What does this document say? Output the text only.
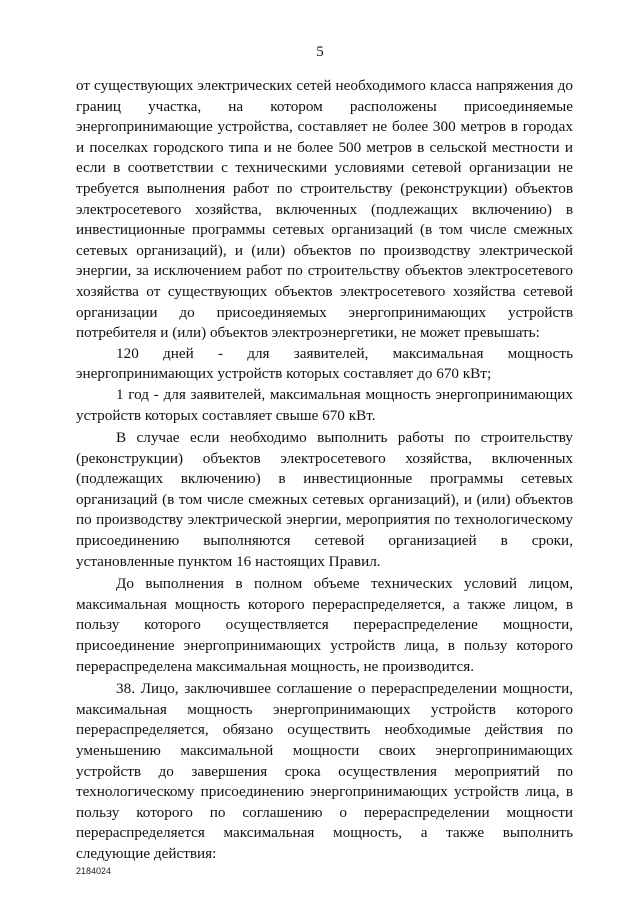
5

от существующих электрических сетей необходимого класса напряжения до границ участка, на котором расположены присоединяемые энергопринимающие устройства, составляет не более 300 метров в городах и поселках городского типа и не более 500 метров в сельской местности и если в соответствии с техническими условиями сетевой организации не требуется выполнения работ по строительству (реконструкции) объектов электросетевого хозяйства, включенных (подлежащих включению) в инвестиционные программы сетевых организаций (в том числе смежных сетевых организаций), и (или) объектов по производству электрической энергии, за исключением работ по строительству объектов электросетевого хозяйства от существующих объектов электросетевого хозяйства сетевой организации до присоединяемых энергопринимающих устройств потребителя и (или) объектов электроэнергетики, не может превышать:

120 дней - для заявителей, максимальная мощность энергопринимающих устройств которых составляет до 670 кВт;

1 год - для заявителей, максимальная мощность энергопринимающих устройств которых составляет свыше 670 кВт.

В случае если необходимо выполнить работы по строительству (реконструкции) объектов электросетевого хозяйства, включенных (подлежащих включению) в инвестиционные программы сетевых организаций (в том числе смежных сетевых организаций), и (или) объектов по производству электрической энергии, мероприятия по технологическому присоединению выполняются сетевой организацией в сроки, установленные пунктом 16 настоящих Правил.

До выполнения в полном объеме технических условий лицом, максимальная мощность которого перераспределяется, а также лицом, в пользу которого осуществляется перераспределение мощности, присоединение энергопринимающих устройств лица, в пользу которого перераспределена максимальная мощность, не производится.

38. Лицо, заключившее соглашение о перераспределении мощности, максимальная мощность энергопринимающих устройств которого перераспределяется, обязано осуществить необходимые действия по уменьшению максимальной мощности своих энергопринимающих устройств до завершения срока осуществления мероприятий по технологическому присоединению энергопринимающих устройств лица, в пользу которого по соглашению о перераспределении мощности перераспределяется максимальная мощность, а также выполнить следующие действия:

2184024
